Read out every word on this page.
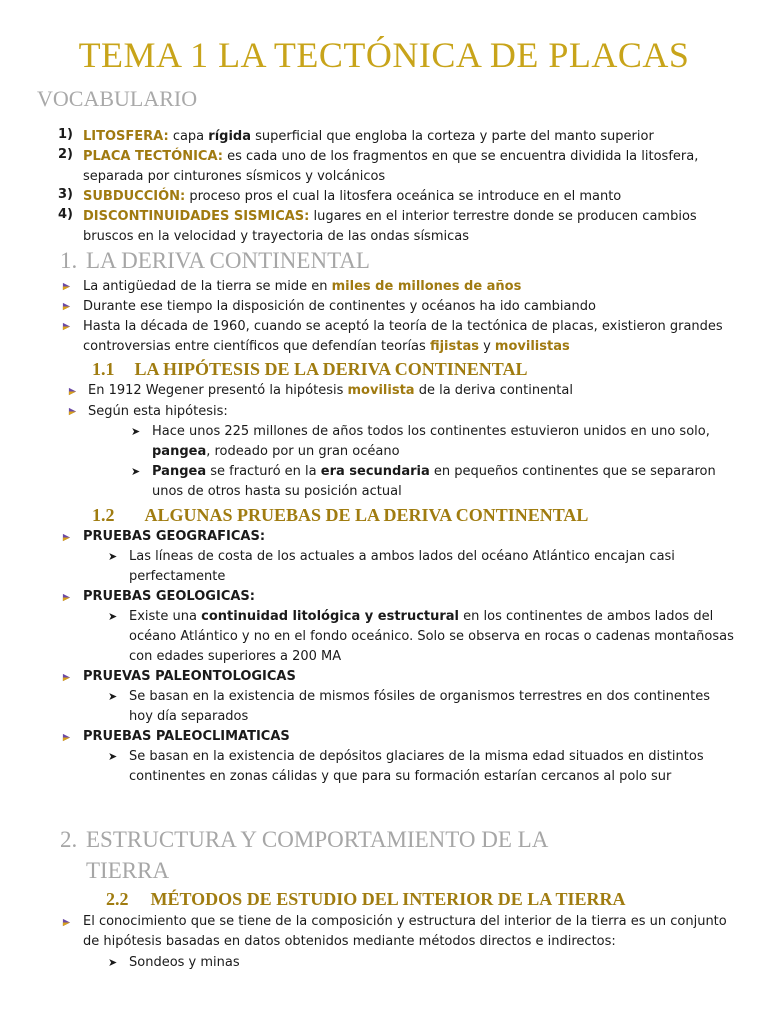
TEMA 1 LA TECTÓNICA DE PLACAS
VOCABULARIO
1) LITOSFERA: capa rígida superficial que engloba la corteza y parte del manto superior
2) PLACA TECTÓNICA: es cada uno de los fragmentos en que se encuentra dividida la litosfera,
separada por cinturones sísmicos y volcánicos
3) SUBDUCCIÓN: proceso pros el cual la litosfera oceánica se introduce en el manto
4) DISCONTINUIDADES SISMICAS: lugares en el interior terrestre donde se producen cambios
bruscos en la velocidad y trayectoria de las ondas sísmicas
1. LA DERIVA CONTINENTAL
La antigüedad de la tierra se mide en miles de millones de años
Durante ese tiempo la disposición de continentes y océanos ha ido cambiando
Hasta la década de 1960, cuando se aceptó la teoría de la tectónica de placas, existieron grandes
controversias entre científicos que defendían teorías fijistas y movilistas
1.1 LA HIPÓTESIS DE LA DERIVA CONTINENTAL
En 1912 Wegener presentó la hipótesis movilista de la deriva continental
Según esta hipótesis:
➤ Hace unos 225 millones de años todos los continentes estuvieron unidos en uno solo,
pangea, rodeado por un gran océano
➤ Pangea se fracturó en la era secundaria en pequeños continentes que se separaron
unos de otros hasta su posición actual
1.2 ALGUNAS PRUEBAS DE LA DERIVA CONTINENTAL
PRUEBAS GEOGRAFICAS:
➤ Las líneas de costa de los actuales a ambos lados del océano Atlántico encajan casi
perfectamente
PRUEBAS GEOLOGICAS:
➤ Existe una continuidad litológica y estructural en los continentes de ambos lados del
océano Atlántico y no en el fondo oceánico. Solo se observa en rocas o cadenas montañosas
con edades superiores a 200 MA
PRUEVAS PALEONTOLOGICAS
➤ Se basan en la existencia de mismos fósiles de organismos terrestres en dos continentes
hoy día separados
PRUEBAS PALEOCLIMATICAS
➤ Se basan en la existencia de depósitos glaciares de la misma edad situados en distintos
continentes en zonas cálidas y que para su formación estarían cercanos al polo sur
2. ESTRUCTURA Y COMPORTAMIENTO DE LA
TIERRA
2.2 MÉTODOS DE ESTUDIO DEL INTERIOR DE LA TIERRA
El conocimiento que se tiene de la composición y estructura del interior de la tierra es un conjunto
de hipótesis basadas en datos obtenidos mediante métodos directos e indirectos:
➤ Sondeos y minas
